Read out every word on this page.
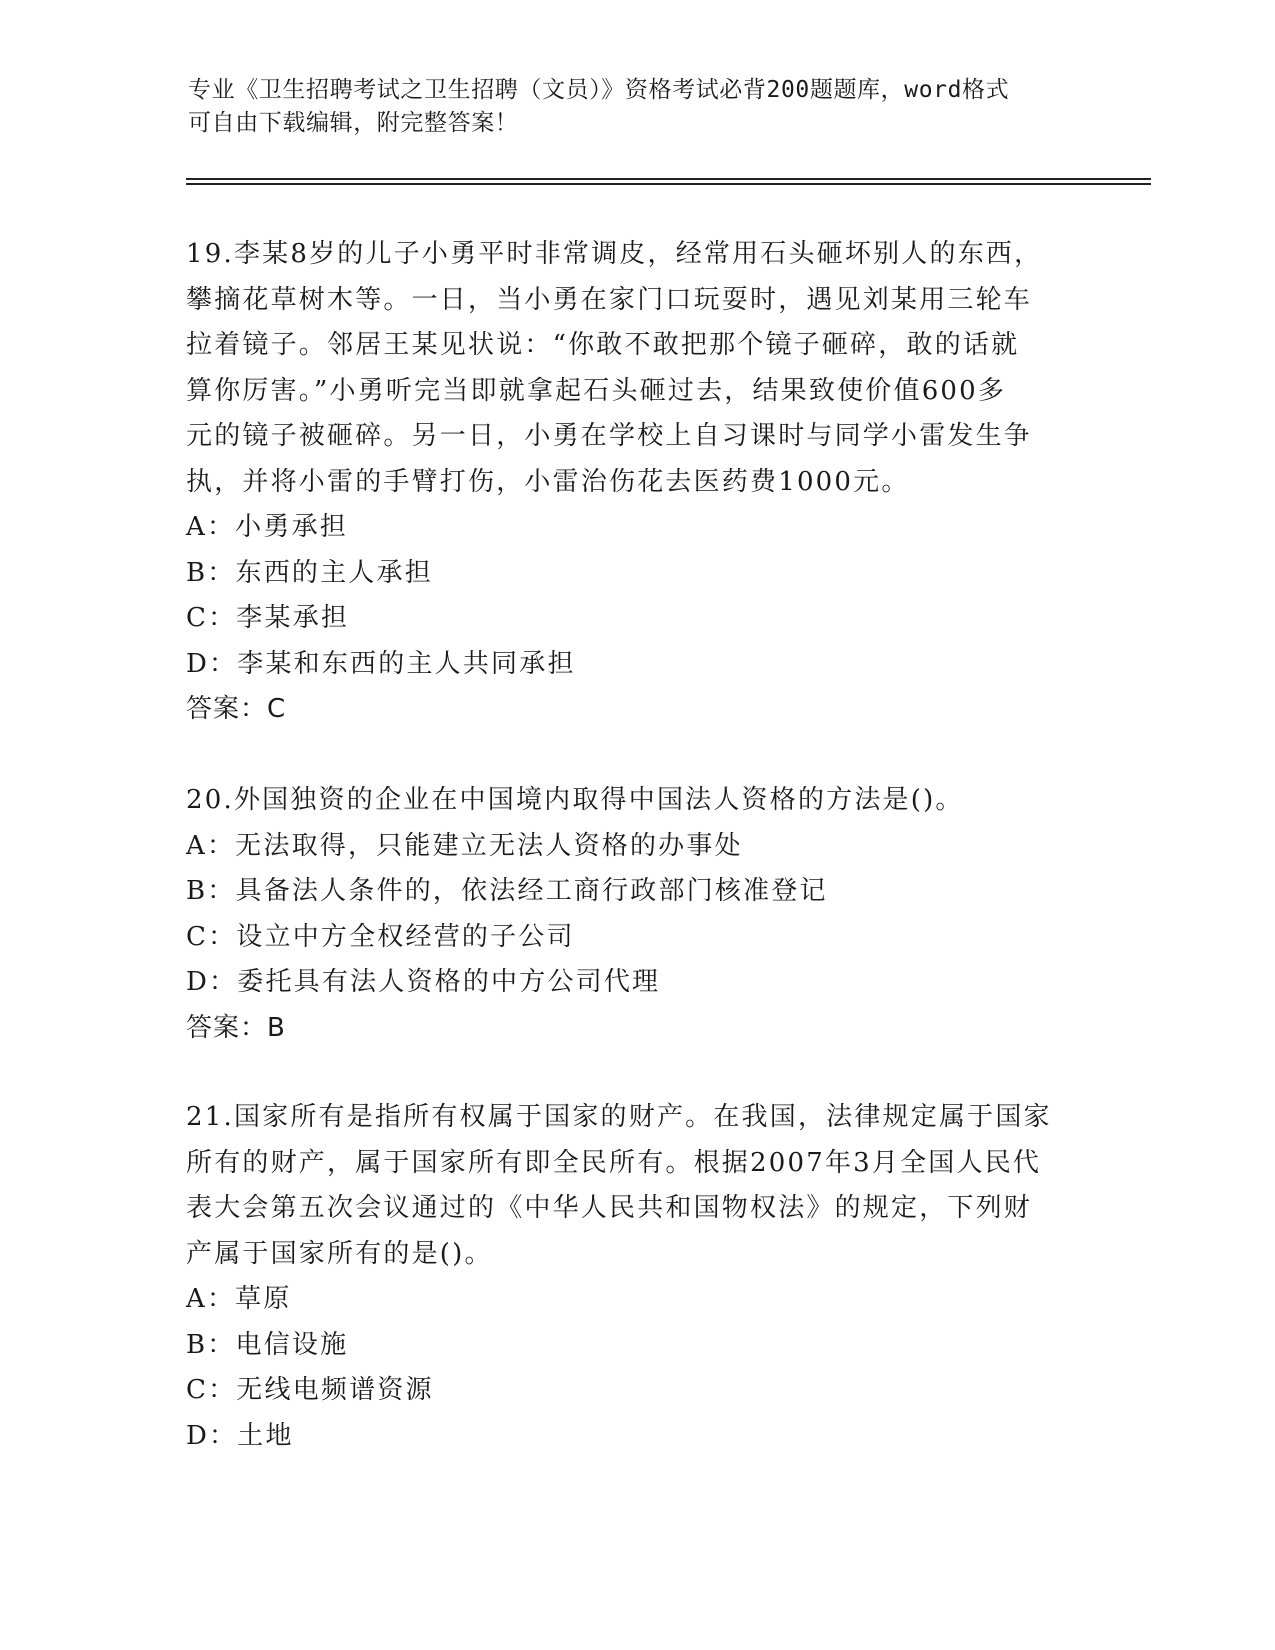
专业《卫生招聘考试之卫生招聘（文员）》资格考试必背200题题库，word格式

可自由下载编辑，附完整答案！

19.李某8岁的儿子小勇平时非常调皮，经常用石头砸坏别人的东西，

攀摘花草树木等。一日，当小勇在家门口玩耍时，遇见刘某用三轮车

拉着镜子。邻居王某见状说：“你敢不敢把那个镜子砸碎，敢的话就

算你厉害。”小勇听完当即就拿起石头砸过去，结果致使价值600多

元的镜子被砸碎。另一日，小勇在学校上自习课时与同学小雷发生争

执，并将小雷的手臂打伤，小雷治伤花去医药费1000元。

A：小勇承担
B：东西的主人承担
C：李某承担
D：李某和东西的主人共同承担
答案：C

20.外国独资的企业在中国境内取得中国法人资格的方法是()。

A：无法取得，只能建立无法人资格的办事处
B：具备法人条件的，依法经工商行政部门核准登记
C：设立中方全权经营的子公司
D：委托具有法人资格的中方公司代理
答案：B

21.国家所有是指所有权属于国家的财产。在我国，法律规定属于国家

所有的财产，属于国家所有即全民所有。根据2007年3月全国人民代

表大会第五次会议通过的《中华人民共和国物权法》的规定，下列财

产属于国家所有的是()。

A：草原
B：电信设施
C：无线电频谱资源
D：土地
